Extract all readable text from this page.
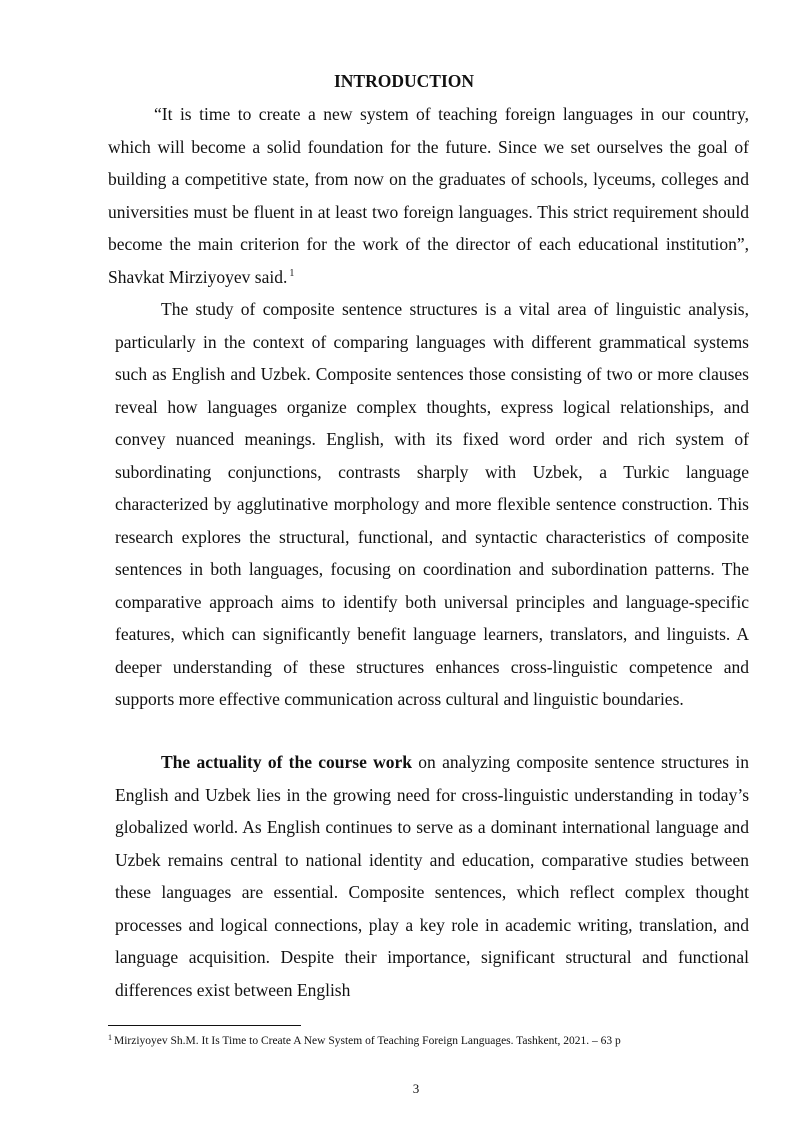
INTRODUCTION

“It is time to create a new system of teaching foreign languages in our country, which will become a solid foundation for the future. Since we set ourselves the goal of building a competitive state, from now on the graduates of schools, lyceums, colleges and universities must be fluent in at least two foreign languages. This strict requirement should become the main criterion for the work of the director of each educational institution”, Shavkat Mirziyoyev said. $^1$

The study of composite sentence structures is a vital area of linguistic analysis, particularly in the context of comparing languages with different grammatical systems such as English and Uzbek. Composite sentences those consisting of two or more clauses reveal how languages organize complex thoughts, express logical relationships, and convey nuanced meanings. English, with its fixed word order and rich system of subordinating conjunctions, contrasts sharply with Uzbek, a Turkic language characterized by agglutinative morphology and more flexible sentence construction. This research explores the structural, functional, and syntactic characteristics of composite sentences in both languages, focusing on coordination and subordination patterns. The comparative approach aims to identify both universal principles and language-specific features, which can significantly benefit language learners, translators, and linguists. A deeper understanding of these structures enhances cross-linguistic competence and supports more effective communication across cultural and linguistic boundaries.

The actuality of the course work on analyzing composite sentence structures in English and Uzbek lies in the growing need for cross-linguistic understanding in today’s globalized world. As English continues to serve as a dominant international language and Uzbek remains central to national identity and education, comparative studies between these languages are essential. Composite sentences, which reflect complex thought processes and logical connections, play a key role in academic writing, translation, and language acquisition. Despite their importance, significant structural and functional differences exist between English

$^1$ Mirziyoyev Sh.M. It Is Time to Create A New System of Teaching Foreign Languages. Tashkent, 2021. – 63 p
3
